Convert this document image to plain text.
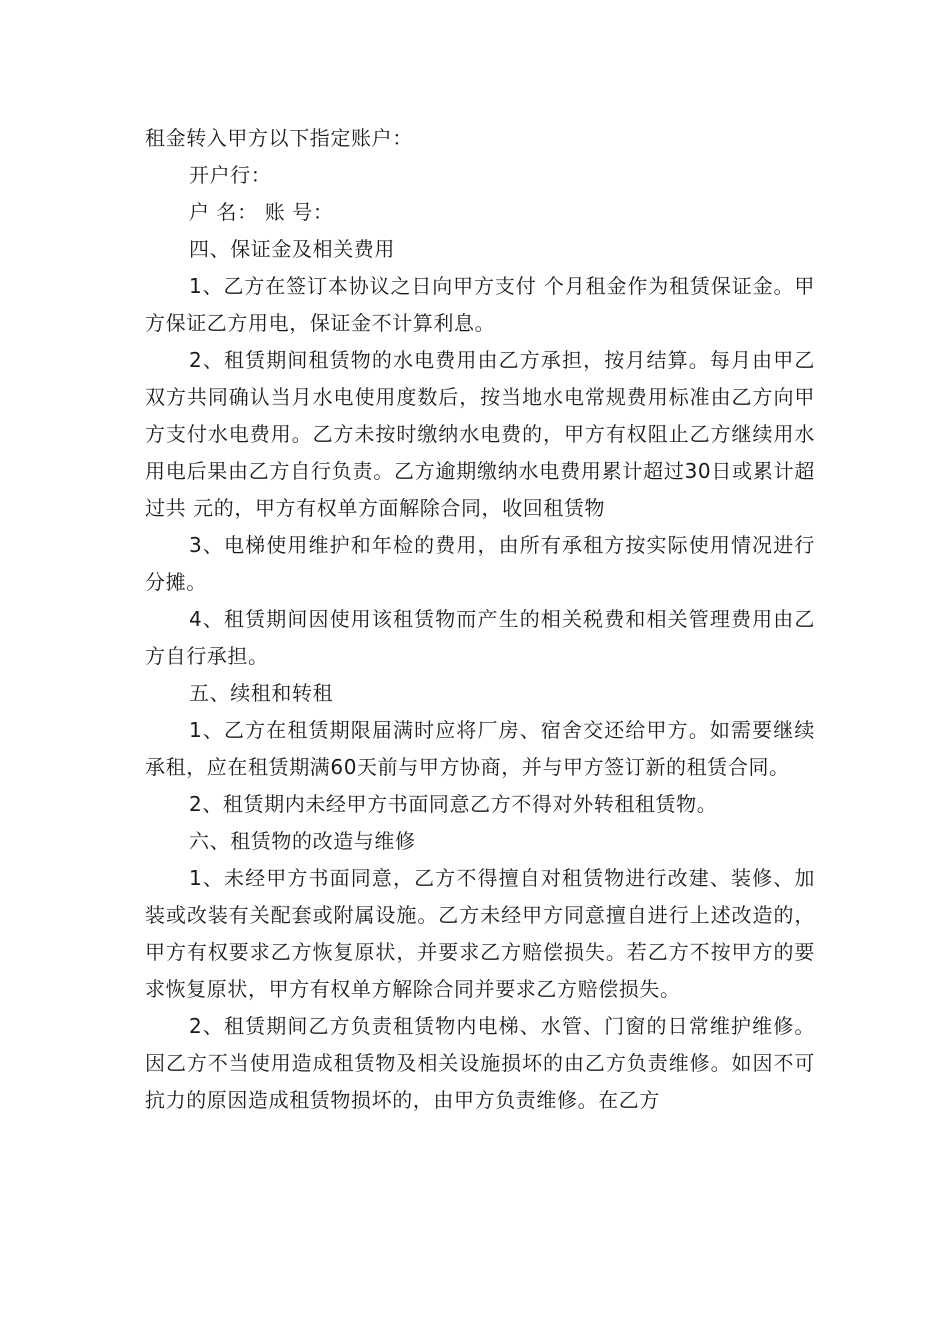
租金转入甲方以下指定账户：

开户行：

户 名： 账 号：

四、保证金及相关费用

1、乙方在签订本协议之日向甲方支付 个月租金作为租赁保证金。甲方保证乙方用电，保证金不计算利息。

2、租赁期间租赁物的水电费用由乙方承担，按月结算。每月由甲乙双方共同确认当月水电使用度数后，按当地水电常规费用标准由乙方向甲方支付水电费用。乙方未按时缴纳水电费的，甲方有权阻止乙方继续用水用电后果由乙方自行负责。乙方逾期缴纳水电费用累计超过30日或累计超过共 元的，甲方有权单方面解除合同，收回租赁物

3、电梯使用维护和年检的费用，由所有承租方按实际使用情况进行分摊。

4、租赁期间因使用该租赁物而产生的相关税费和相关管理费用由乙方自行承担。

五、续租和转租

1、乙方在租赁期限届满时应将厂房、宿舍交还给甲方。如需要继续承租，应在租赁期满60天前与甲方协商，并与甲方签订新的租赁合同。

2、租赁期内未经甲方书面同意乙方不得对外转租租赁物。

六、租赁物的改造与维修

1、未经甲方书面同意，乙方不得擅自对租赁物进行改建、装修、加装或改装有关配套或附属设施。乙方未经甲方同意擅自进行上述改造的，甲方有权要求乙方恢复原状，并要求乙方赔偿损失。若乙方不按甲方的要求恢复原状，甲方有权单方解除合同并要求乙方赔偿损失。

2、租赁期间乙方负责租赁物内电梯、水管、门窗的日常维护维修。因乙方不当使用造成租赁物及相关设施损坏的由乙方负责维修。如因不可抗力的原因造成租赁物损坏的，由甲方负责维修。在乙方
